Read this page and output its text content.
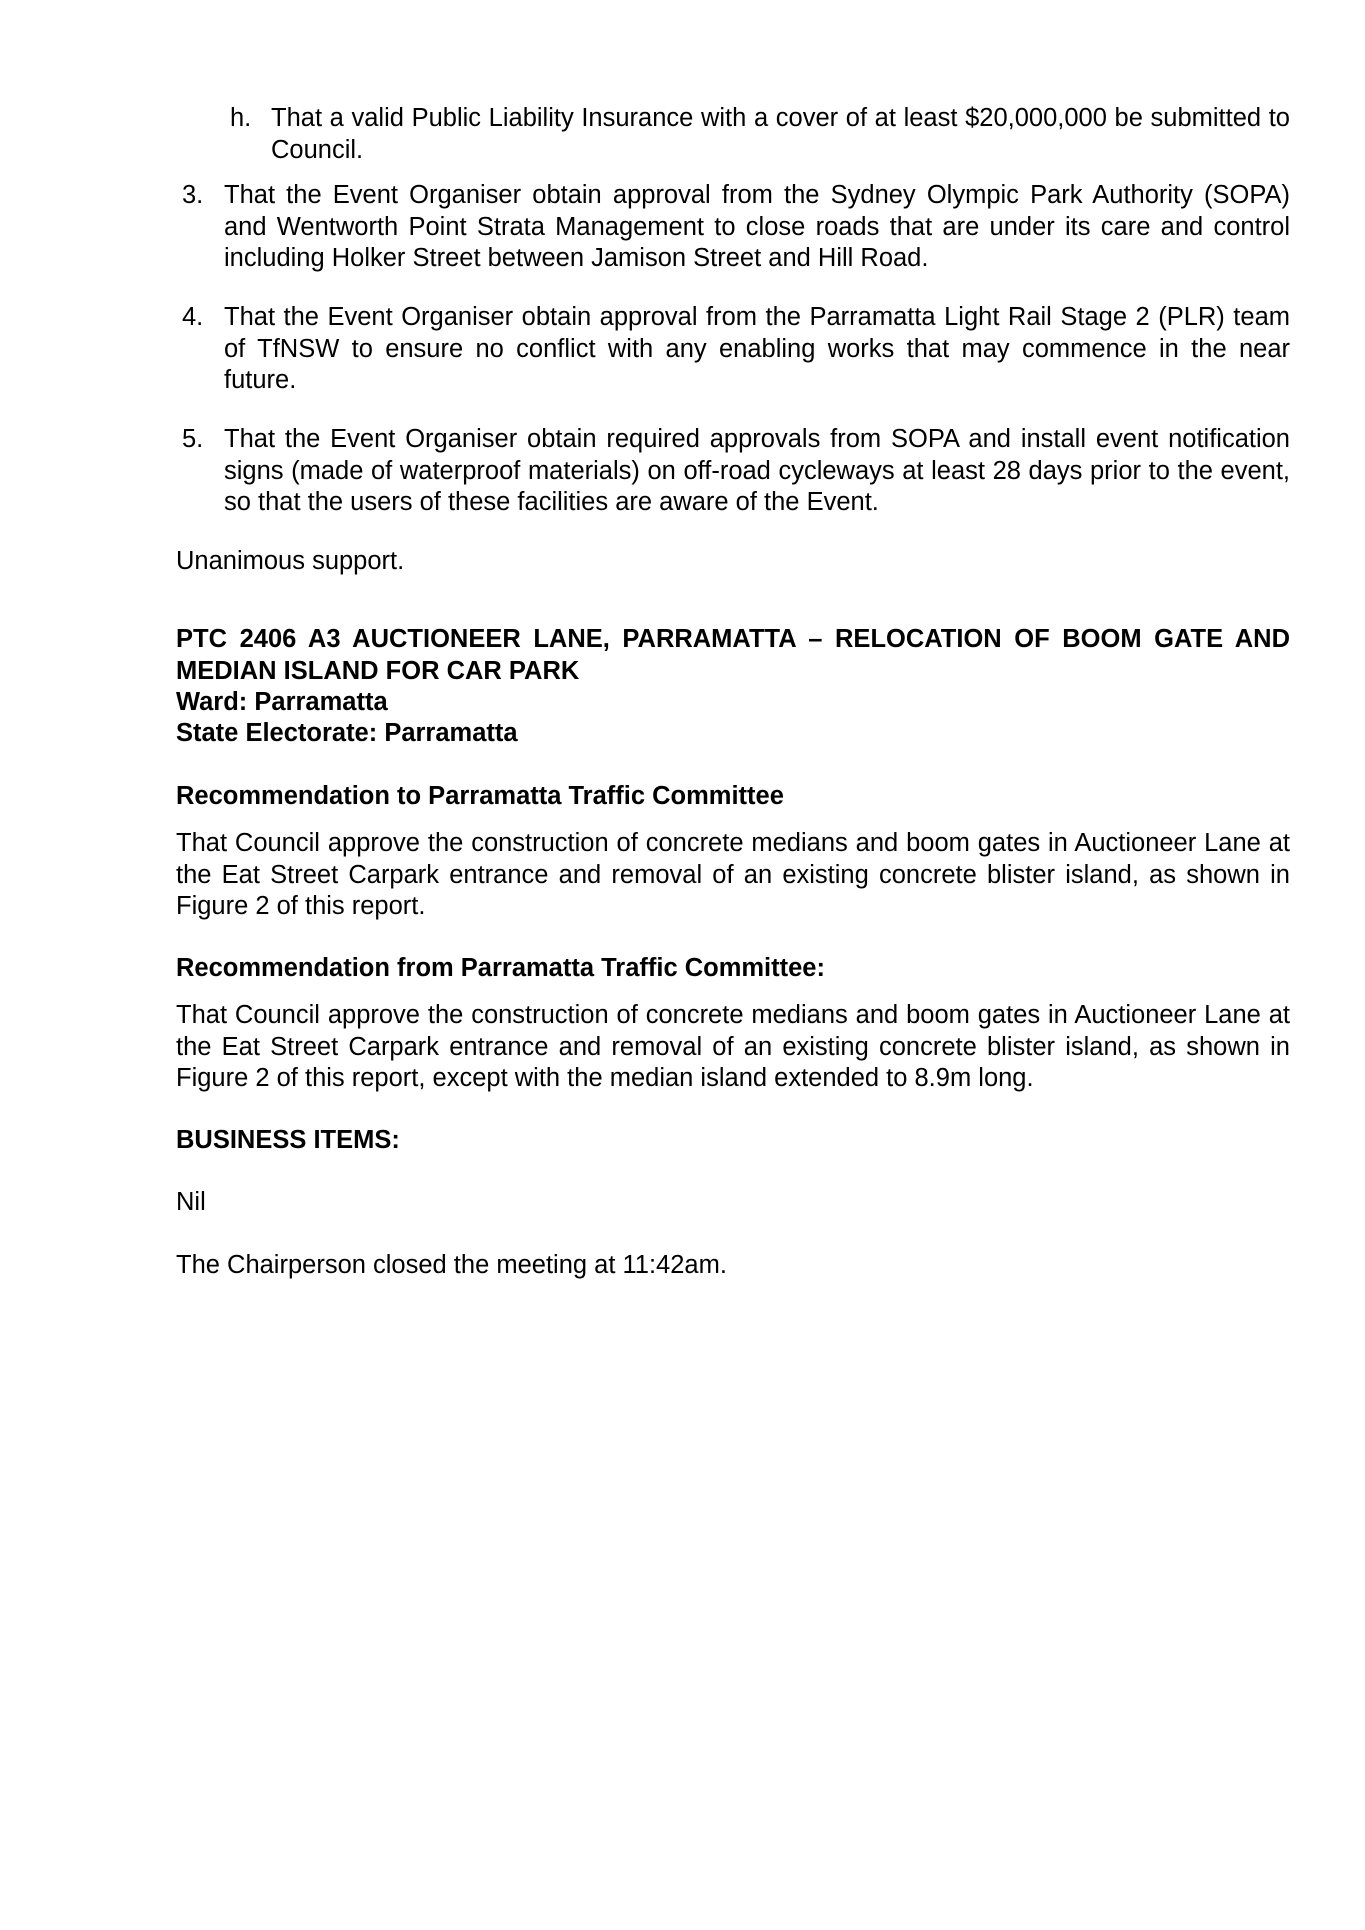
h. That a valid Public Liability Insurance with a cover of at least $20,000,000 be submitted to Council.
3. That the Event Organiser obtain approval from the Sydney Olympic Park Authority (SOPA) and Wentworth Point Strata Management to close roads that are under its care and control including Holker Street between Jamison Street and Hill Road.
4. That the Event Organiser obtain approval from the Parramatta Light Rail Stage 2 (PLR) team of TfNSW to ensure no conflict with any enabling works that may commence in the near future.
5. That the Event Organiser obtain required approvals from SOPA and install event notification signs (made of waterproof materials) on off-road cycleways at least 28 days prior to the event, so that the users of these facilities are aware of the Event.
Unanimous support.
PTC 2406 A3 AUCTIONEER LANE, PARRAMATTA – RELOCATION OF BOOM GATE AND MEDIAN ISLAND FOR CAR PARK
Ward: Parramatta
State Electorate: Parramatta
Recommendation to Parramatta Traffic Committee
That Council approve the construction of concrete medians and boom gates in Auctioneer Lane at the Eat Street Carpark entrance and removal of an existing concrete blister island, as shown in Figure 2 of this report.
Recommendation from Parramatta Traffic Committee:
That Council approve the construction of concrete medians and boom gates in Auctioneer Lane at the Eat Street Carpark entrance and removal of an existing concrete blister island, as shown in Figure 2 of this report, except with the median island extended to 8.9m long.
BUSINESS ITEMS:
Nil
The Chairperson closed the meeting at 11:42am.
